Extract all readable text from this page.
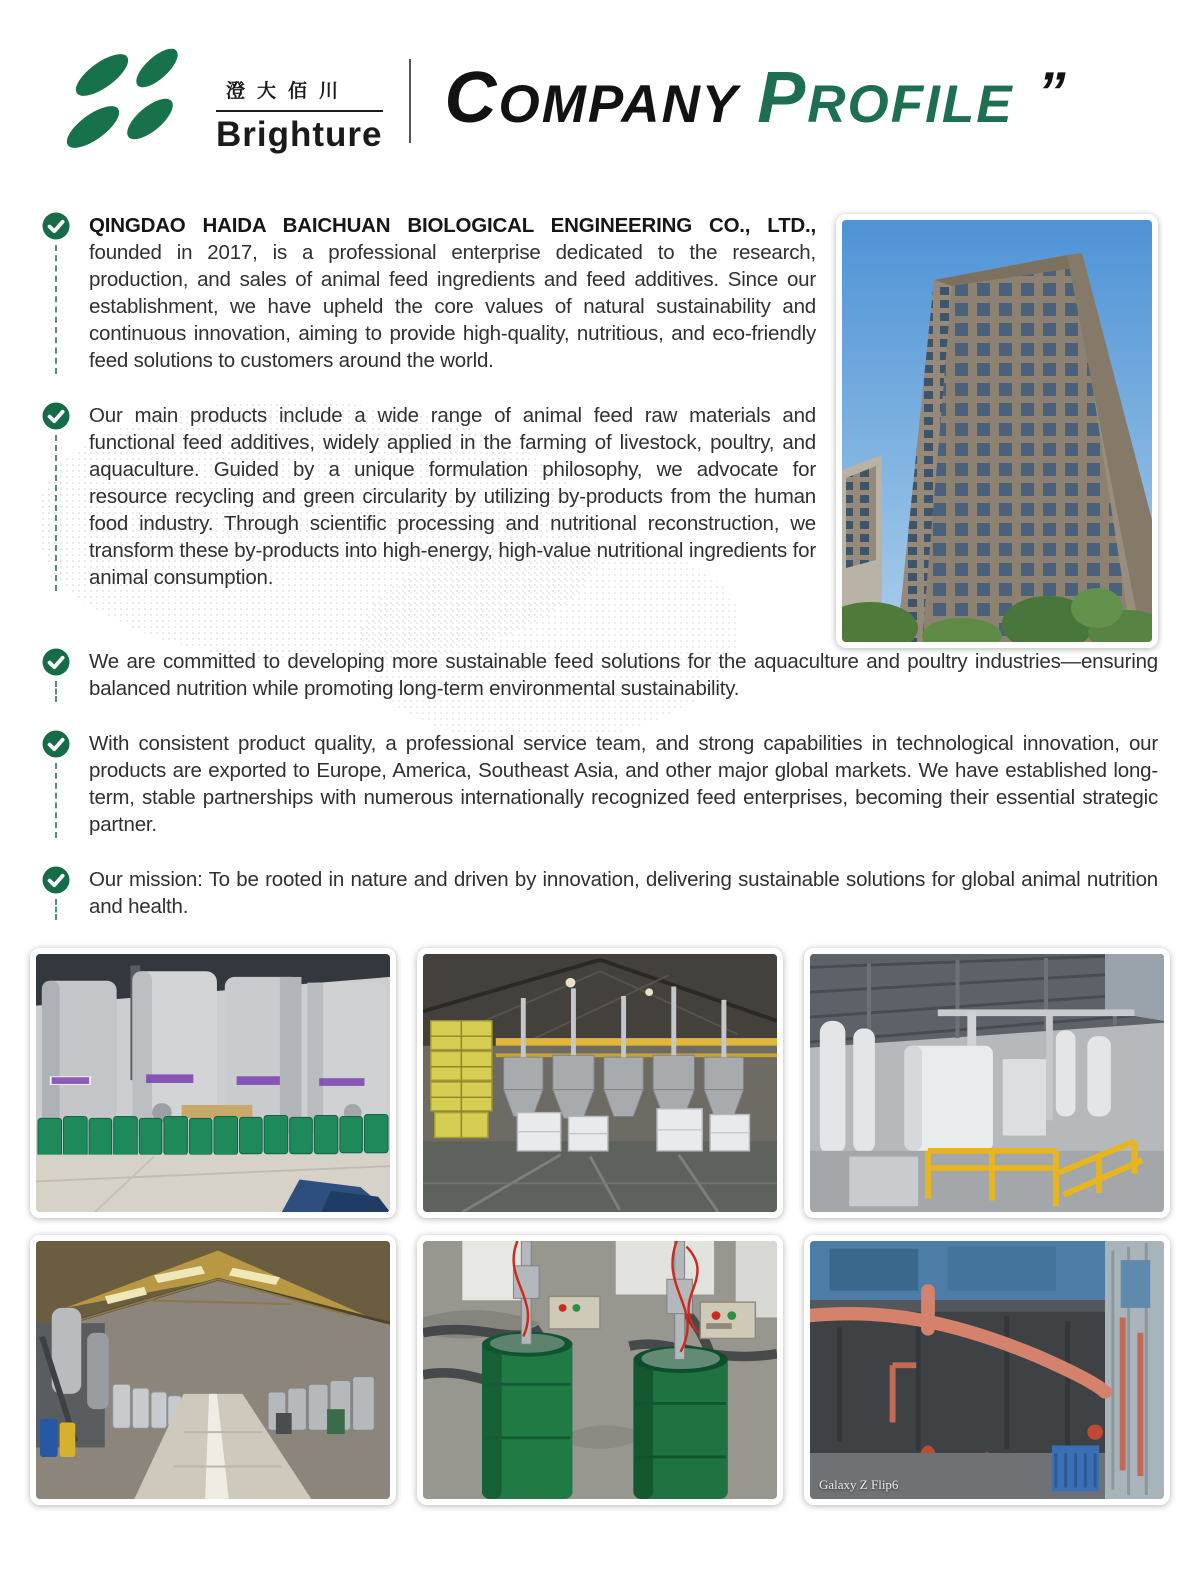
澄大佰川
Brighture COMPANY PROFILE ”

QINGDAO HAIDA BAICHUAN BIOLOGICAL ENGINEERING CO., LTD., founded in 2017, is a professional enterprise dedicated to the research, production, and sales of animal feed ingredients and feed additives. Since our establishment, we have upheld the core values of natural sustainability and continuous innovation, aiming to provide high-quality, nutritious, and eco-friendly feed solutions to customers around the world.

Our main products include a wide range of animal feed raw materials and functional feed additives, widely applied in the farming of livestock, poultry, and aquaculture. Guided by a unique formulation philosophy, we advocate for resource recycling and green circularity by utilizing by-products from the human food industry. Through scientific processing and nutritional reconstruction, we transform these by-products into high-energy, high-value nutritional ingredients for animal consumption.

We are committed to developing more sustainable feed solutions for the aquaculture and poultry industries—ensuring balanced nutrition while promoting long-term environmental sustainability.

With consistent product quality, a professional service team, and strong capabilities in technological innovation, our products are exported to Europe, America, Southeast Asia, and other major global markets. We have established long-term, stable partnerships with numerous internationally recognized feed enterprises, becoming their essential strategic partner.

Our mission: To be rooted in nature and driven by innovation, delivering sustainable solutions for global animal nutrition and health.

Galaxy Z Flip6
